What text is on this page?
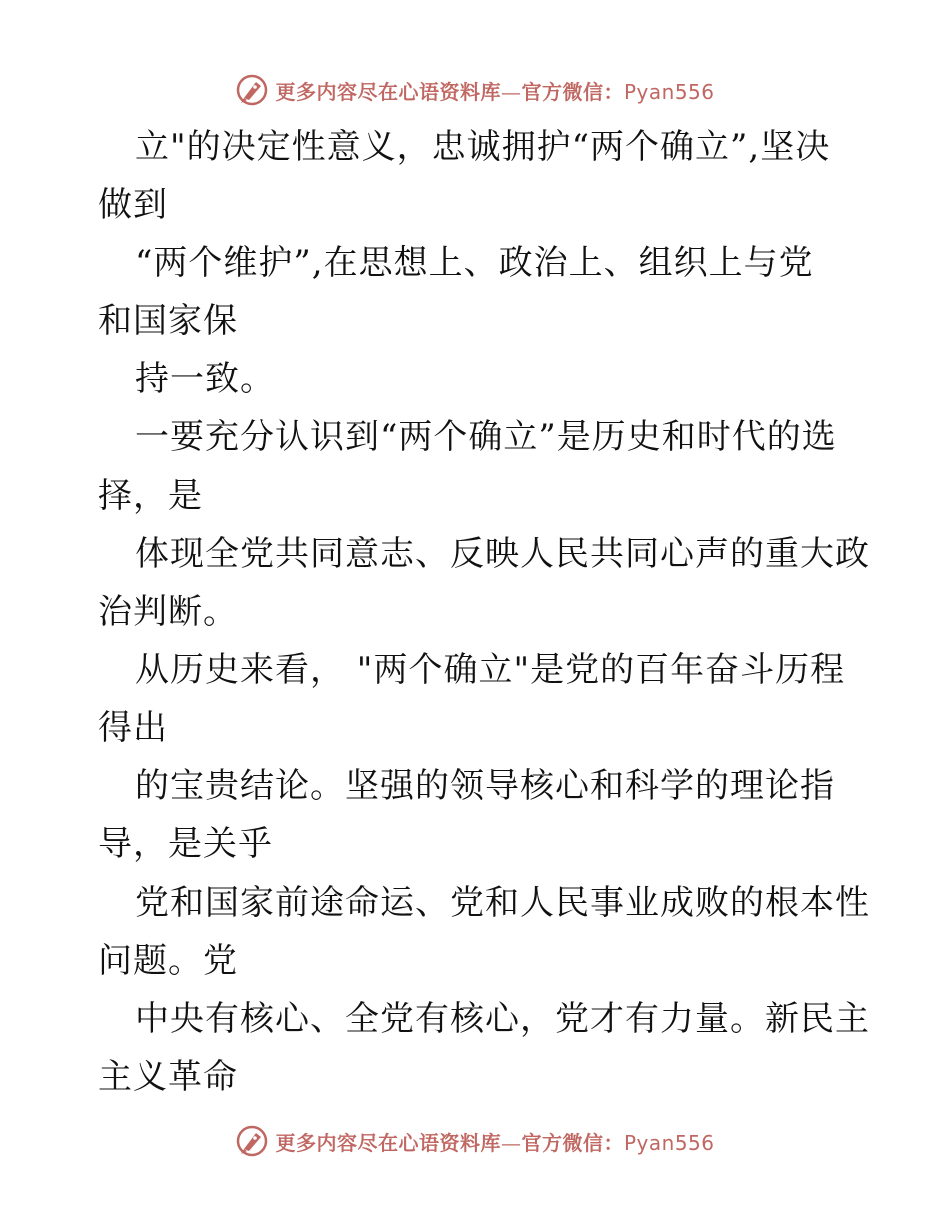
更多内容尽在心语资料库—官方微信：Pyan556
立"的决定性意义，忠诚拥护“两个确立”,坚决
做到
“两个维护”,在思想上、政治上、组织上与党
和国家保
持一致。
一要充分认识到“两个确立”是历史和时代的选
择，是
体现全党共同意志、反映人民共同心声的重大政
治判断。
从历史来看， "两个确立"是党的百年奋斗历程
得出
的宝贵结论。坚强的领导核心和科学的理论指
导，是关乎
党和国家前途命运、党和人民事业成败的根本性
问题。党
中央有核心、全党有核心，党才有力量。新民主
主义革命
更多内容尽在心语资料库—官方微信：Pyan556
